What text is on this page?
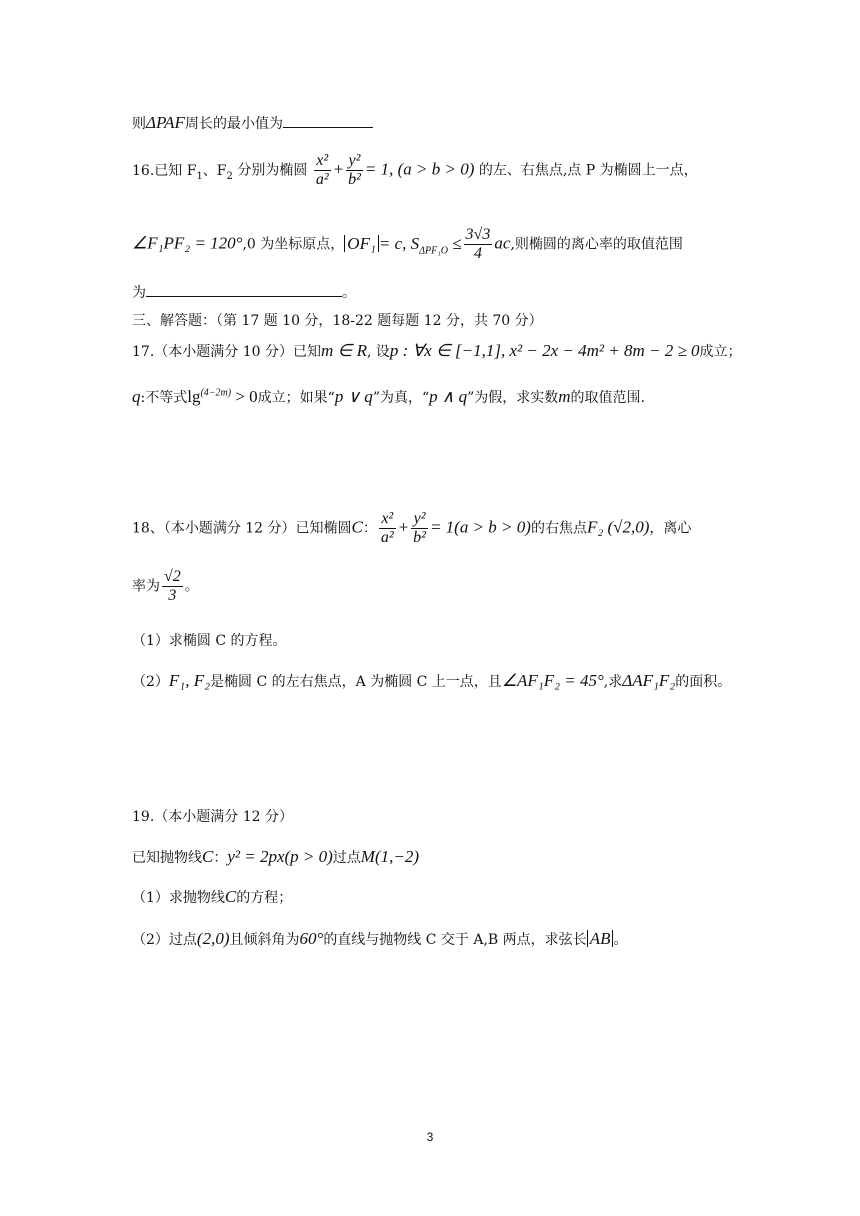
则ΔPAF周长的最小值为
16.已知 $F_1$、$F_2$ 分别为椭圆 $\frac{\text{x²}}{\text{a²}} + \frac{\text{y²}}{\text{b²}} = 1$, (a > b > 0) 的左、右焦点,点 P 为椭圆上一点，
∠F₁PF₂ = 120°,0 为坐标原点， OF₁ = c, $S_{\Delta PF_1O} \le \frac{3√3}{4}$ ac,则椭圆的离心率的取值范围
为	。
三、解答题：（第 17 题 10 分，18-22 题每题 12 分，共 70 分）
17.（本小题满分 10 分）已知m ∈ R, 设p : ∀x ∈ [−1,1], x² − 2x − 4m² + 8m − 2 ≥ 0成立；
q:不等式$\lg^{(4-2m)} > 0$成立；如果“p ∨ q”为真，“p ∧ q”为假，求实数m的取值范围.
18、（本小题满分 12 分）已知椭圆C： $\frac{\text{x²}}{\text{a²}} + \frac{\text{y²}}{\text{b²}} = 1(a > b > 0)$的右焦点F₂ (√2,0)，离心
率为 $\frac{√2}{3}$ 。
（1）求椭圆 C 的方程。
（2）F₁, F₂是椭圆 C 的左右焦点，A 为椭圆 C 上一点，且∠AF₁F₂ = 45°,求ΔAF₁F₂的面积。
19.（本小题满分 12 分）
已知抛物线C：y² = 2px(p > 0)过点M(1,−2)
（1）求抛物线C的方程；
（2）过点(2,0)且倾斜角为60°的直线与抛物线 C 交于 A,B 两点，求弦长 AB 。
3
